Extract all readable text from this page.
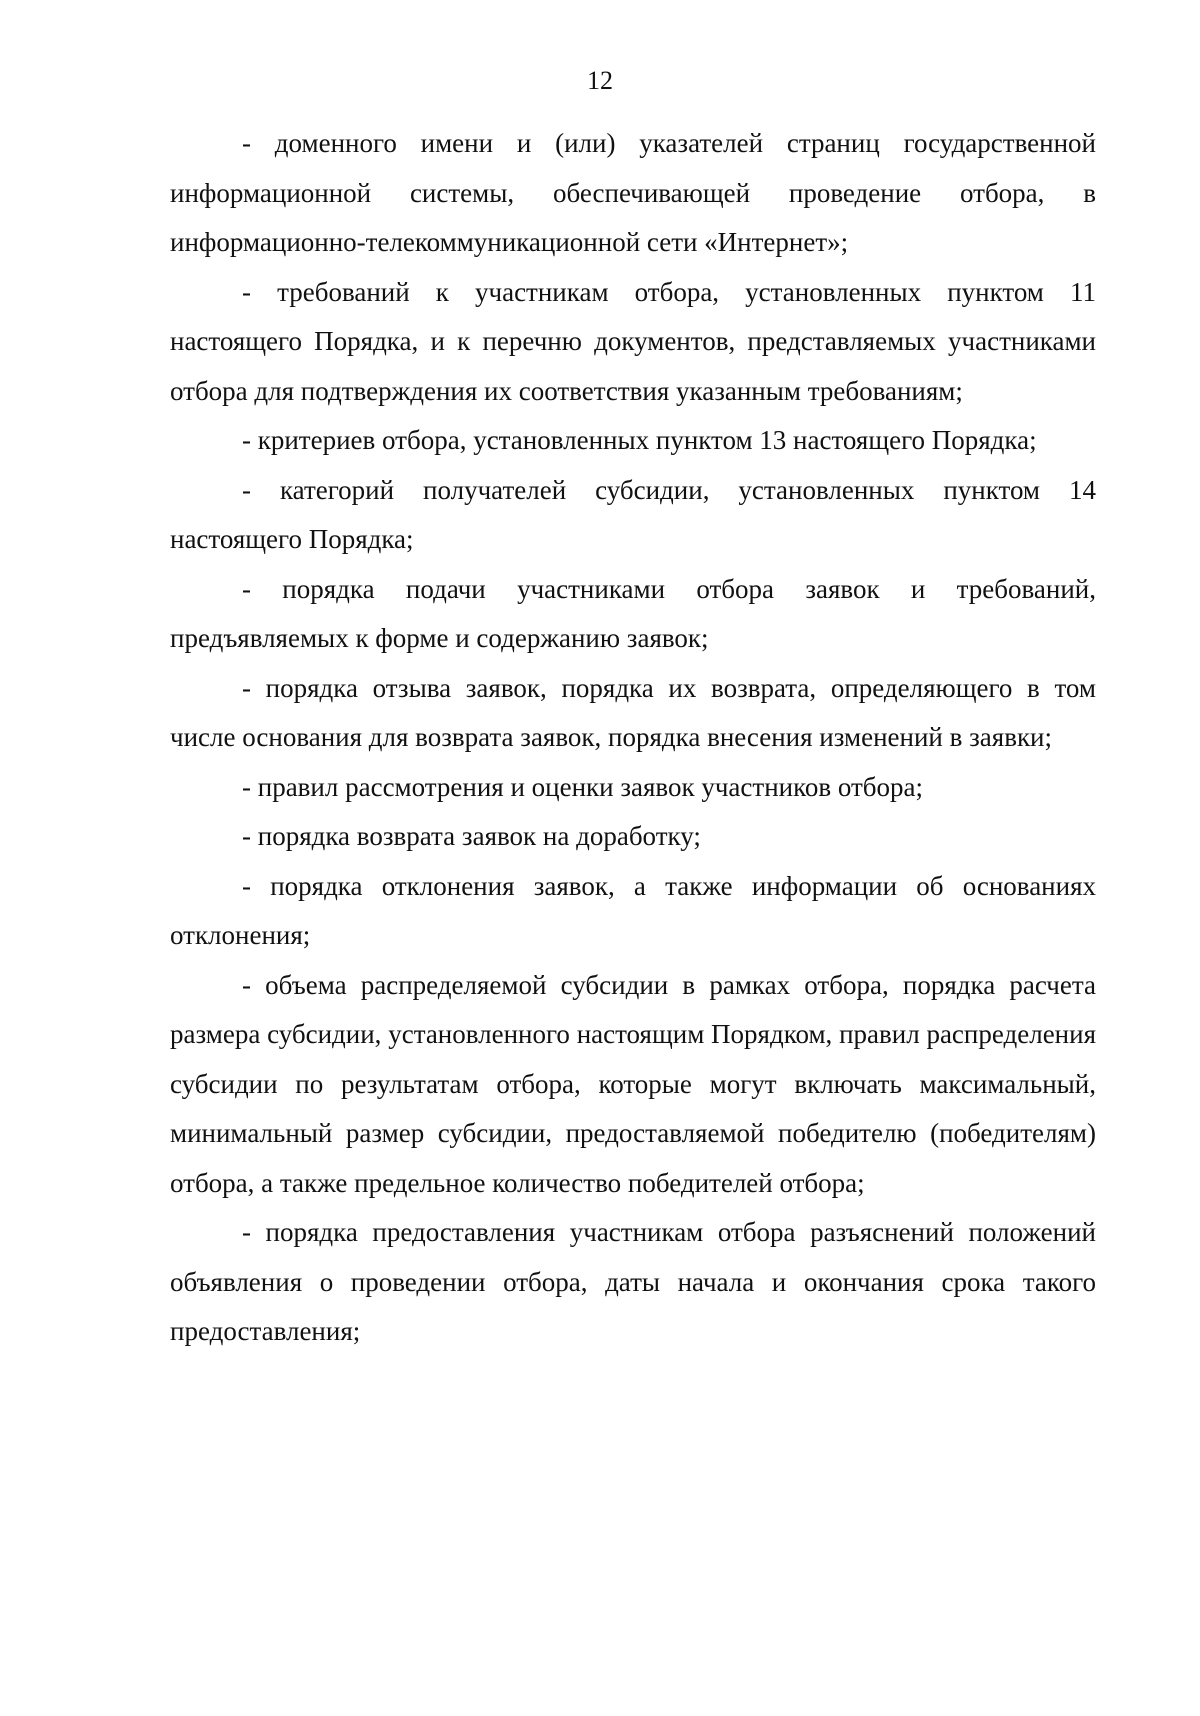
12

- доменного имени и (или) указателей страниц государственной информационной системы, обеспечивающей проведение отбора, в информационно-телекоммуникационной сети «Интернет»;

- требований к участникам отбора, установленных пунктом 11 настоящего Порядка, и к перечню документов, представляемых участниками отбора для подтверждения их соответствия указанным требованиям;

- критериев отбора, установленных пунктом 13 настоящего Порядка;

- категорий получателей субсидии, установленных пунктом 14 настоящего Порядка;

- порядка подачи участниками отбора заявок и требований, предъявляемых к форме и содержанию заявок;

- порядка отзыва заявок, порядка их возврата, определяющего в том числе основания для возврата заявок, порядка внесения изменений в заявки;

- правил рассмотрения и оценки заявок участников отбора;

- порядка возврата заявок на доработку;

- порядка отклонения заявок, а также информации об основаниях отклонения;

- объема распределяемой субсидии в рамках отбора, порядка расчета размера субсидии, установленного настоящим Порядком, правил распределения субсидии по результатам отбора, которые могут включать максимальный, минимальный размер субсидии, предоставляемой победителю (победителям) отбора, а также предельное количество победителей отбора;

- порядка предоставления участникам отбора разъяснений положений объявления о проведении отбора, даты начала и окончания срока такого предоставления;
